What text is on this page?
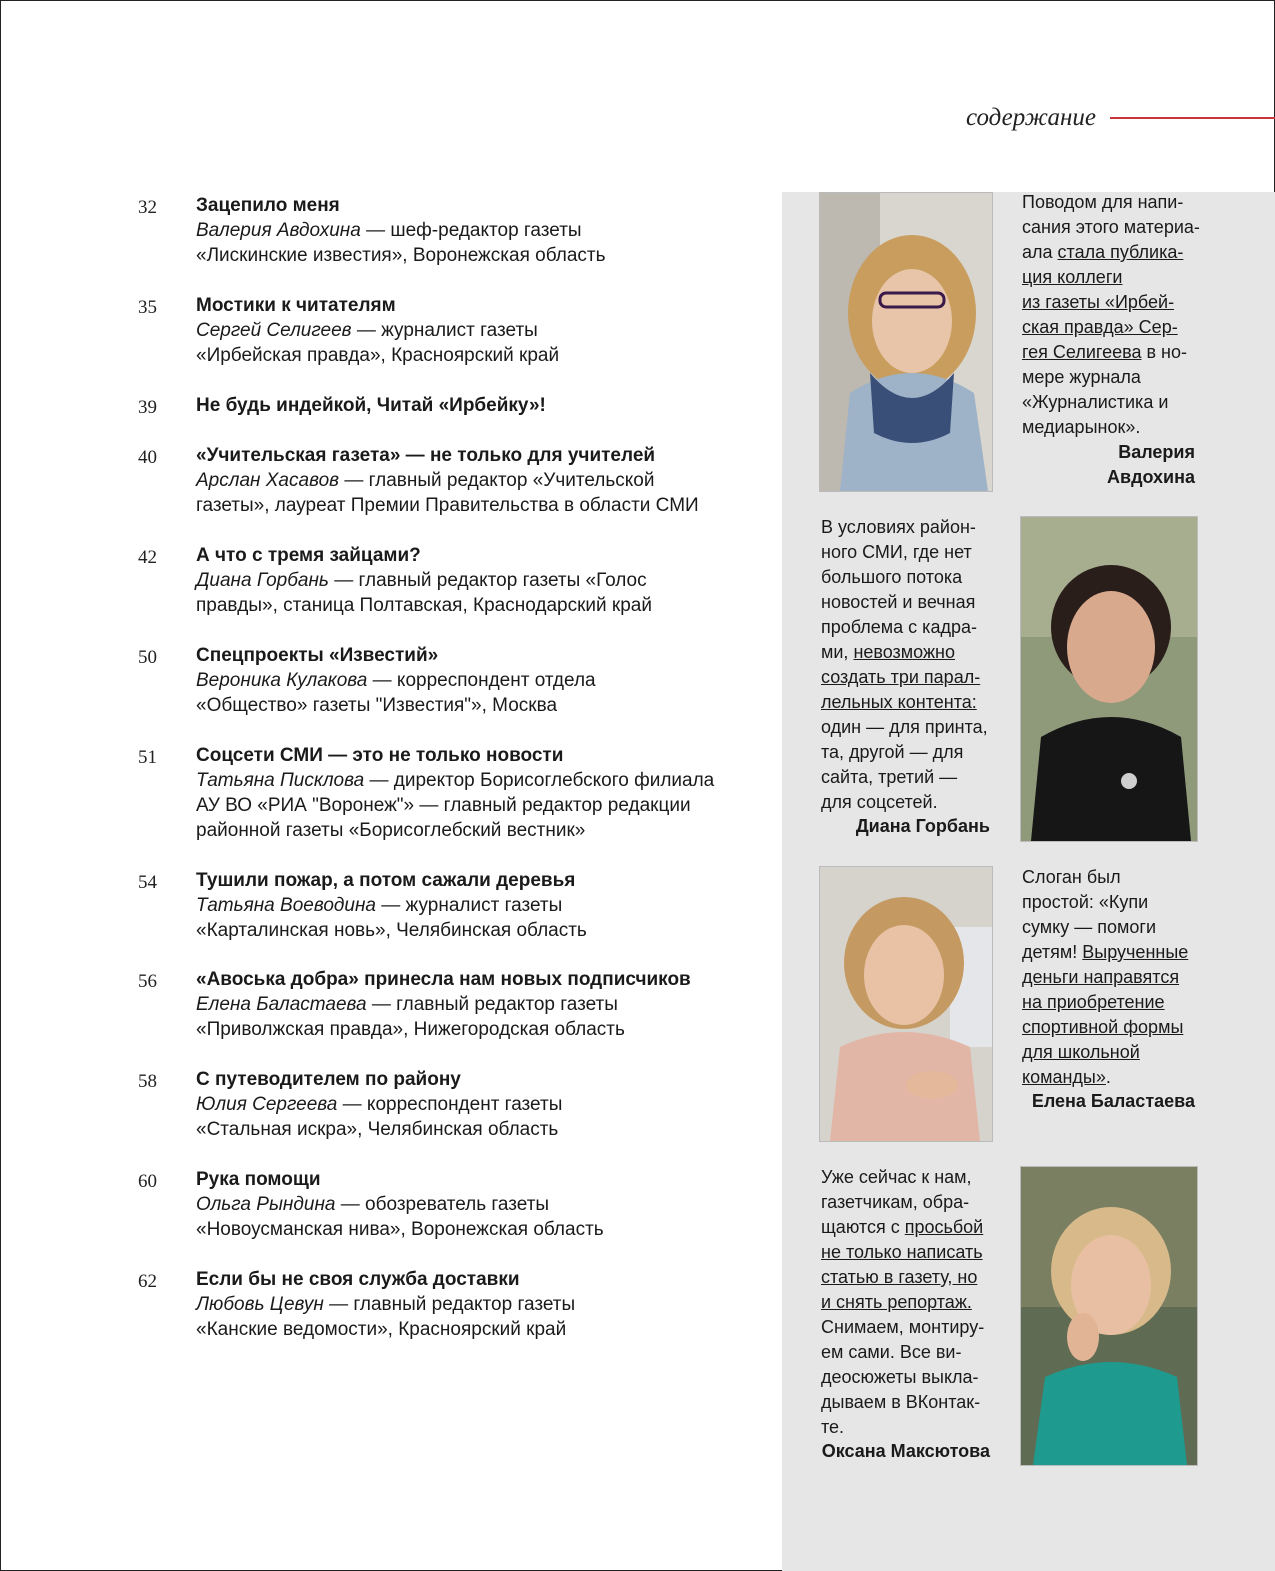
содержание
32 Зацепило меня
Валерия Авдохина — шеф-редактор газеты
«Лискинские известия», Воронежская область
35 Мостики к читателям
Сергей Селигеев — журналист газеты
«Ирбейская правда», Красноярский край
39 Не будь индейкой, Читай «Ирбейку»!
40 «Учительская газета» — не только для учителей
Арслан Хасавов — главный редактор «Учительской
газеты», лауреат Премии Правительства в области СМИ
42 А что с тремя зайцами?
Диана Горбань — главный редактор газеты «Голос
правды», станица Полтавская, Краснодарский край
50 Спецпроекты «Известий»
Вероника Кулакова — корреспондент отдела
«Общество» газеты "Известия"», Москва
51 Соцсети СМИ — это не только новости
Татьяна Писклова — директор Борисоглебского филиала
АУ ВО «РИА "Воронеж"» — главный редактор редакции
районной газеты «Борисоглебский вестник»
54 Тушили пожар, а потом сажали деревья
Татьяна Воеводина — журналист газеты
«Карталинская новь», Челябинская область
56 «Авоська добра» принесла нам новых подписчиков
Елена Баластаева — главный редактор газеты
«Приволжская правда», Нижегородская область
58 С путеводителем по району
Юлия Сергеева — корреспондент газеты
«Стальная искра», Челябинская область
60 Рука помощи
Ольга Рындина — обозреватель газеты
«Новоусманская нива», Воронежская область
62 Если бы не своя служба доставки
Любовь Цевун — главный редактор газеты
«Канские ведомости», Красноярский край
Поводом для напи-
сания этого материа-
ала стала публика-
ция коллеги
из газеты «Ирбей-
ская правда» Сер-
гея Селигеева в но-
мере журнала
«Журналистика и
медиарынок».
Валерия
Авдохина
В условиях район-
ного СМИ, где нет
большого потока
новостей и вечная
проблема с кадра-
ми, невозможно
создать три парал-
лельных контента:
один — для принта,
та, другой — для
сайта, третий —
для соцсетей.
Диана Горбань
Слоган был
простой: «Купи
сумку — помоги
детям! Вырученные
деньги направятся
на приобретение
спортивной формы
для школьной
команды».
Елена Баластаева
Уже сейчас к нам,
газетчикам, обра-
щаются с просьбой
не только написать
статью в газету, но
и снять репортаж.
Снимаем, монтиру-
ем сами. Все ви-
деосюжеты выкла-
дываем в ВКонтак-
те.
Оксана Максютова
